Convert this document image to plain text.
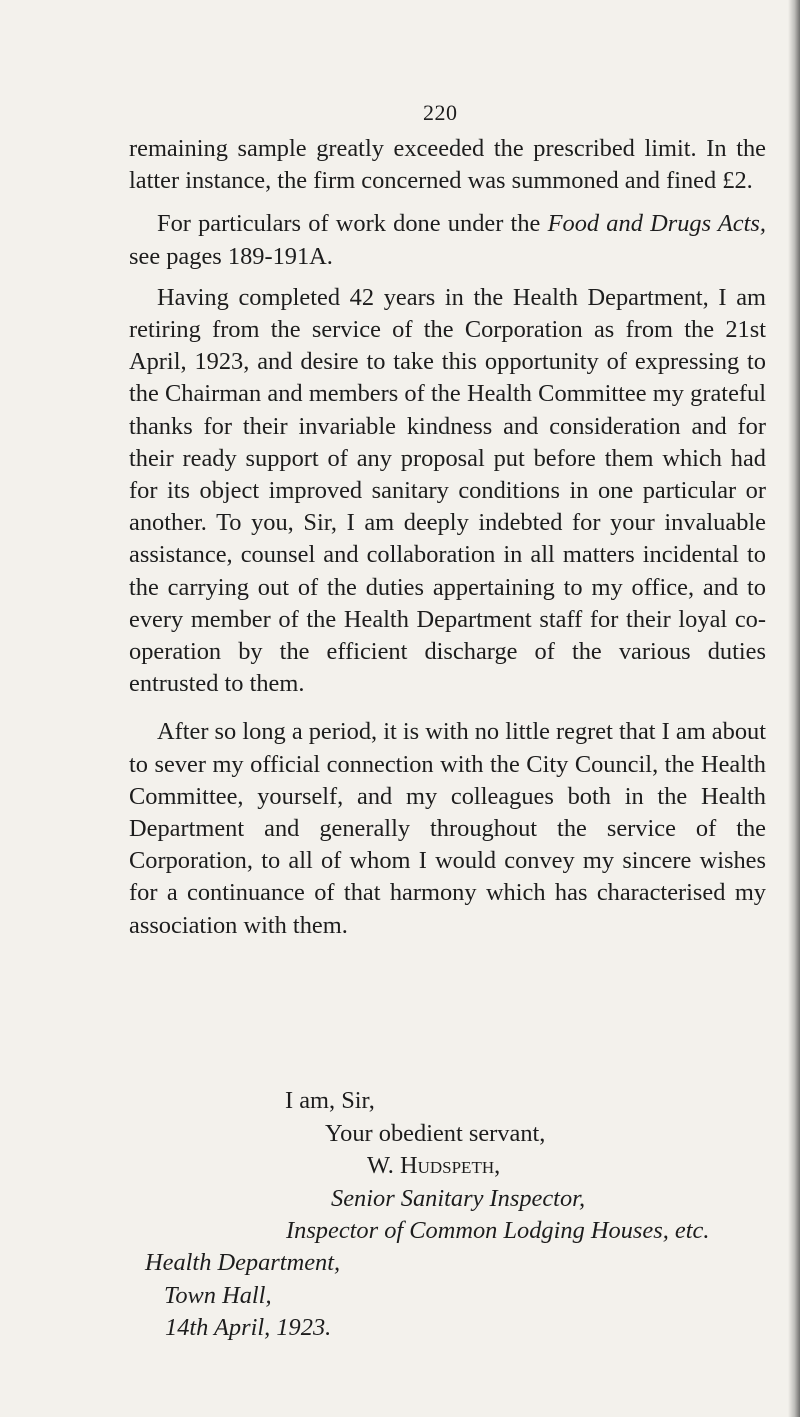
220

remaining sample greatly exceeded the prescribed limit. In the latter instance, the firm concerned was summoned and fined £2.

For particulars of work done under the Food and Drugs Acts, see pages 189-191A.

Having completed 42 years in the Health Department, I am retiring from the service of the Corporation as from the 21st April, 1923, and desire to take this opportunity of expressing to the Chairman and members of the Health Committee my grateful thanks for their invariable kindness and consideration and for their ready support of any proposal put before them which had for its object improved sanitary conditions in one particular or another. To you, Sir, I am deeply indebted for your invaluable assistance, counsel and collaboration in all matters incidental to the carrying out of the duties appertaining to my office, and to every member of the Health Department staff for their loyal co-operation by the efficient discharge of the various duties entrusted to them.

After so long a period, it is with no little regret that I am about to sever my official connection with the City Council, the Health Committee, yourself, and my colleagues both in the Health Department and generally throughout the service of the Corporation, to all of whom I would convey my sincere wishes for a continuance of that harmony which has characterised my association with them.

I am, Sir,
Your obedient servant,
W. Hudspeth,
Senior Sanitary Inspector,
Inspector of Common Lodging Houses, etc.
Health Department,
Town Hall,
14th April, 1923.
